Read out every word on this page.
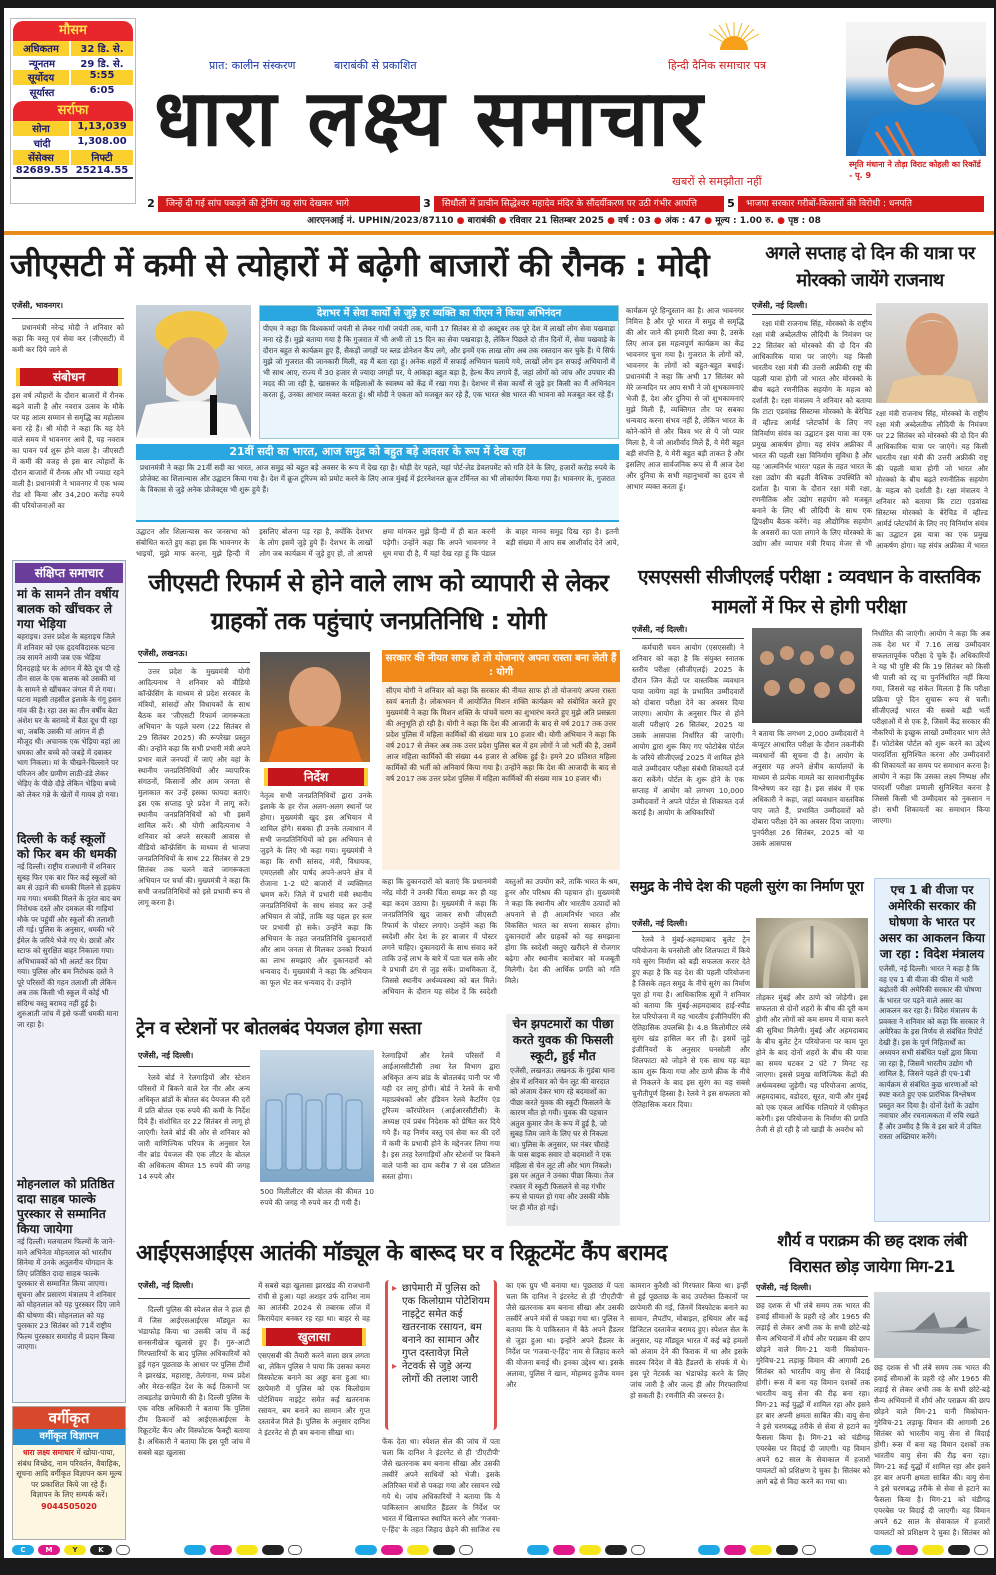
मौसम
अधिकतम	32 डि. से.
न्यूनतम	29 डि. से.
सूर्योदय	5:55
सूर्यास्त	6:05
सर्राफा
सोना	1,13,039
चांदी	1,308.00
सेंसेक्स	निफ्टी
82689.55 25214.55
प्रात: कालीन संस्करण	बाराबंकी से प्रकाशित	हिन्दी दैनिक समाचार पत्र
धारा लक्ष्य समाचार
खबरों से समझौता नहीं
स्मृति मंधाना ने तोड़ा विराट कोहली का रिकॉर्ड - पृ. 9
2	जिन्हें दी गई सांप पकड़ने की ट्रेनिंग वह सांप देखकर भागे	3	सिधौली में प्राचीन सिद्धेश्वर महादेव मंदिर के सौंदर्यीकरण पर उठी गंभीर आपत्ति	5	भाजपा सरकार गरीबों-किसानों की विरोधी : धनपति
आरएनआई नं. UPHIN/2023/87110 ● बाराबंकी ● रविवार 21 सितम्बर 2025 ● वर्ष : 03 ● अंक : 47 ● मूल्य : 1.00 रु. ● पृष्ठ : 08
जीएसटी में कमी से त्योहारों में बढ़ेगी बाजारों की रौनक : मोदी
एजेंसी, भावनगर।
प्रधानमंत्री नरेन्द्र मोदी ने शनिवार को कहा कि वस्तु एवं सेवा कर (जीएसटी) में कमी कर दिये जाने से
संबोधन
इस वर्ष त्यौहारों के दौरान बाजारों में रौनक बढ़ने वाली है और नवरात्र उत्सव के मौके पर यह आत्म सम्मान से समृद्धि का महोत्सव बना रहे हैं। श्री मोदी ने कहा कि यह देने वाले समय में भावनगर आये हैं, यह नवरात्र का पावन पर्व शुरू होने वाला है। जीएसटी में कमी की वजह से इस बार त्योहारों के दौरान बाजारों में रौनक और भी ज्यादा रहने वाली है। प्रधानमंत्री ने भावनगर में एक भव्य रोड शो किया और 34,200 करोड़ रुपये की परियोजनाओं का
देशभर में सेवा कार्यों से जुड़े हर व्यक्ति का पीएम ने किया अभिनंदन
पीएम ने कहा कि विश्वकर्मा जयंती से लेकर गांधी जयंती तक, यानी 17 सितंबर से दो अक्टूबर तक पूरे देश में लाखों लोग सेवा पखवाड़ा मना रहे हैं। मुझे बताया गया है कि गुजरात में भी अभी तो 15 दिन का सेवा पखवाड़ा है, लेकिन पिछले दो तीन दिनों में, सेवा पखवाड़े के दौरान बहुत से कार्यक्रम हुए हैं, सैकड़ों जगहों पर ब्लड डोनेशन कैंप लगे, और इनमें एक लाख लोग अब तक रक्तदान कर चुके हैं। ये सिर्फ मुझे जो गुजरात की जानकारी मिली, वह मैं बता रहा हूं। अनेक शहरों में सफाई अभियान चलाये गये, लाखों लोग इन सफाई अभियानों में भी साथ आए, राज्य में 30 हजार से ज्यादा जगहों पर, ये आंकड़ा बहुत बड़ा है, हेल्थ कैंप लगाये हैं, जहां लोगों को जांच और उपचार की मदद की जा रही है, खासकर के महिलाओं के स्वास्थ्य को केंद्र में रखा गया है। देशभर में सेवा कार्यों से जुड़े हर किसी का मैं अभिनंदन करता हूं, उनका आभार व्यक्त करता हूं। श्री मोदी ने एकता को मजबूत कर रहे हैं, एक भारत श्रेष्ठ भारत की भावना को मजबूत कर रहे हैं।
21वीं सदी का भारत, आज समुद्र को बहुत बड़े अवसर के रूप में देख रहा
प्रधानमंत्री ने कहा कि 21वीं सदी का भारत, आज समुद्र को बहुत बड़े अवसर के रूप में देख रहा है। थोड़ी देर पहले, यहां पोर्ट-लेड डेवलपमेंट को गति देने के लिए, हजारों करोड़ रुपये के प्रोजेक्ट का शिलान्यास और उद्घाटन किया गया है। देश में क्रूज टूरिज्म को प्रमोट करने के लिए आज मुंबई में इंटरनेशनल क्रूज टर्मिनल का भी लोकार्पण किया गया है। भावनगर के, गुजरात के विकास से जुड़े अनेक प्रोजेक्ट्स भी शुरू हुये हैं।
उद्घाटन और शिलान्यास कर जनसभा को संबोधित करते हुए कहा इस कि भावनगर के भाइयों, मुझे माफ करना, मुझे हिन्दी में इसलिए बोलना पड़ रहा है, क्योंकि देशभर के लोग इसमें जुड़े हुये हैं। देशभर के लाखों लोग जब कार्यक्रम में जुड़े हुए हो, तो आपसे क्षमा मांगकर मुझे हिन्दी में ही बात करनी पड़ेगी। उन्होंने कहा कि अपने भावनगर ने धूम मचा दी है, मैं यहां देख रहा हूं कि पंडाल के बाहर मानव समुद्र दिख रहा है। इतनी बड़ी संख्या में आप सब आशीर्वाद देने आये,
कार्यक्रम पूरे हिन्दुस्तान का है। आज भावनगर निमित्त है और पूरे भारत में समुद्र से समृद्धि की ओर जाने की हमारी दिशा क्या है, उसके लिए आज इस महत्वपूर्ण कार्यक्रम का केंद्र भावनगर चुना गया है। गुजरात के लोगों को, भावनगर के लोगों को बहुत-बहुत बधाई। प्रधानमंत्री ने कहा कि अभी 17 सितंबर को मेरे जन्मदिन पर आप सभी ने जो शुभकामनाएं भेजी हैं, देश और दुनिया से जो शुभकामनाएं मुझे मिली हैं, व्यक्तिगत तौर पर सबका धन्यवाद करना संभव नहीं है, लेकिन भारत के कोने-कोने से और विश्व भर से ये जो प्यार मिला है, ये जो आशीर्वाद मिले हैं, ये मेरी बहुत बड़ी संपत्ति है, ये मेरी बहुत बड़ी ताकत है और इसलिए आज सार्वजनिक रूप से मैं आज देश और दुनिया के सभी महानुभावों का हृदय से आभार व्यक्त करता हूं।
अगले सप्ताह दो दिन की यात्रा पर मोरक्को जायेंगे राजनाथ
एजेंसी, नई दिल्ली।
रक्षा मंत्री राजनाथ सिंह, मोरक्को के राष्ट्रीय रक्षा मंत्री अब्देलतीफ लौदियी के निमंत्रण पर 22 सितंबर को मोरक्को की दो दिन की आधिकारिक यात्रा पर जाएंगे। यह किसी भारतीय रक्षा मंत्री की उत्तरी अफ्रीकी राष्ट्र की पहली यात्रा होगी जो भारत और मोरक्को के बीच बढ़ते रणनीतिक सहयोग के महत्व को दर्शाती है। रक्षा मंत्रालय ने शनिवार को बताया कि टाटा एडवांस्ड सिस्टम्स मोरक्को के बेरेचिड में व्हील्ड आर्मर्ड प्लेटफॉर्म के लिए नए विनिर्माण संयंत्र का उद्घाटन इस यात्रा का एक प्रमुख आकर्षण होगा। यह संयंत्र अफ्रीका में भारत की पहली रक्षा विनिर्माण सुविधा है और यह 'आत्मनिर्भर भारत' पहल के तहत भारत के रक्षा उद्योग की बढ़ती वैश्विक उपस्थिति को दर्शाता है। यात्रा के दौरान रक्षा मंत्री रक्षा, रणनीतिक और उद्योग सहयोग को मजबूत बनाने के लिए श्री लौदियी के साथ एक द्विपक्षीय बैठक करेंगे। वह औद्योगिक सहयोग के अवसरों का पता लगाने के लिए मोरक्को के उद्योग और व्यापार मंत्री रियाद मेजर से भी
रक्षा मंत्री राजनाथ सिंह, मोरक्को के राष्ट्रीय रक्षा मंत्री अब्देलतीफ लौदियी के निमंत्रण पर 22 सितंबर को मोरक्को की दो दिन की आधिकारिक यात्रा पर जाएंगे। यह किसी भारतीय रक्षा मंत्री की उत्तरी अफ्रीकी राष्ट्र की पहली यात्रा होगी जो भारत और मोरक्को के बीच बढ़ते रणनीतिक सहयोग के महत्व को दर्शाती है। रक्षा मंत्रालय ने शनिवार को बताया कि टाटा एडवांस्ड सिस्टम्स मोरक्को के बेरेचिड में व्हील्ड आर्मर्ड प्लेटफॉर्म के लिए नए विनिर्माण संयंत्र का उद्घाटन इस यात्रा का एक प्रमुख आकर्षण होगा। यह संयंत्र अफ्रीका में भारत
संक्षिप्त समाचार
मां के सामने तीन वर्षीय बालक को खींचकर ले गया भेड़िया
बहराइच। उत्तर प्रदेश के बहराइच जिले में शनिवार को एक हृदयविदारक घटना तब सामने आयी जब एक भेड़िया दिनदहाड़े घर के आंगन में बैठे दूध पी रहे तीन साल के एक बालक को उसकी मां के सामने से खींचकर जंगल में ले गया। घटना महसी तहसील इलाके के गंगू हसन गांव की है। रहा उस का तीन वर्षीय बेटा अंशेश घर के बरामदे में बैठा दूध पी रहा था, जबकि उसकी मां आंगन में ही मौजूद थी। अचानक एक भेड़िया वहां आ धमका और बच्चे को जबड़े में दबाकर भाग निकला। मां के चीखने-चिल्लाने पर परिजन और ग्रामीण लाठी-डंडे लेकर भेड़िए के पीछे दौड़े लेकिन भेड़िया बच्चे को लेकर गन्ने के खेतों में गायब हो गया।
दिल्ली के कई स्कूलों को फिर बम की धमकी
नई दिल्ली। राष्ट्रीय राजधानी में शनिवार सुबह फिर एक बार फिर कई स्कूलों को बम से उड़ाने की धमकी मिलने से हड़कंप मच गया। धमकी मिलने के तुरंत बाद बम निरोधक दस्ते और दमकल की गाड़ियां मौके पर पहुंचीं और स्कूलों की तलाशी ली गई। पुलिस के अनुसार, धमकी भरे ईमेल के जरिये भेजे गए थे। छात्रों और स्टाफ को सुरक्षित बाहर निकाला गया। अभिभावकों को भी अलर्ट कर दिया गया। पुलिस और बम निरोधक दस्ते ने पूरे परिसरों की गहन तलाशी ली लेकिन अब तक किसी भी स्कूल में कोई भी संदिग्ध वस्तु बरामद नहीं हुई है। शुरुआती जांच में इसे फर्जी धमकी माना जा रहा है।
मोहनलाल को प्रतिष्ठित दादा साहब फाल्के पुरस्कार से सम्मानित किया जायेगा
नई दिल्ली। मलयालम फिल्मों के जाने- माने अभिनेता मोहनलाल को भारतीय सिनेमा में उनके अतुलनीय योगदान के लिए प्रतिष्ठित दादा साहब फाल्के पुरस्कार से सम्मानित किया जाएगा। सूचना और प्रसारण मंत्रालय ने शनिवार को मोहनलाल को यह पुरस्कार दिए जाने की घोषणा की। मोहनलाल को यह पुरस्कार 23 सितंबर को 71वें राष्ट्रीय फिल्म पुरस्कार समारोह में प्रदान किया जाएगा।
वर्गीकृत
वर्गीकृत विज्ञापन
धारा लक्ष्य समाचार में खोया-पाया, संबंध विच्छेद, नाम परिवर्तन, वैवाहिक, सूचना आदि वर्गीकृत विज्ञापन कम मूल्य पर प्रकाशित किये जा रहे हैं।
विज्ञापन के लिए सम्पर्क करें।
9044505020
जीएसटी रिफार्म से होने वाले लाभ को व्यापारी से लेकर ग्राहकों तक पहुंचाएं जनप्रतिनिधि : योगी
एजेंसी, लखनऊ।
उत्तर प्रदेश के मुख्यमंत्री योगी आदित्यनाथ ने शनिवार को वीडियो कॉन्फ्रेंसिंग के माध्यम से प्रदेश सरकार के मंत्रियों, सांसदों और विधायकों के साथ बैठक कर 'जीएसटी रिफार्म जागरूकता अभियान' के पहले चरण (22 सितंबर से 29 सितंबर 2025) की रूपरेखा प्रस्तुत की। उन्होंने कहा कि सभी प्रभारी मंत्री अपने प्रभार वाले जनपदों में जाएं और वहां के स्थानीय जनप्रतिनिधियों और व्यापारिक संगठनों, किसानों और आम जनता से मुलाकात कर उन्हें इसका फायदा बताएं। इस एक सप्ताह पूरे प्रदेश में लागू करें। स्थानीय जनप्रतिनिधियों को भी इसमें शामिल करें। श्री योगी आदित्यनाथ ने शनिवार को अपने सरकारी आवास से वीडियो कॉन्फ्रेंसिंग के माध्यम से भाजपा जनप्रतिनिधियों के साथ 22 सितंबर से 29 सितंबर तक चलने वाले जागरूकता अभियान पर चर्चा की। मुख्यमंत्री ने कहा कि सभी जनप्रतिनिधियों को इसे प्रभावी रूप से लागू करना है।
निर्देश
नेतृत्व सभी जनप्रतिनिधियों द्वारा उनके इलाके के हर रोज अलग-अलग स्थानों पर होगा। मुख्यमंत्री खुद इस अभियान में शामिल होंगे। सबका ही उनके तत्वाधान में सभी जनप्रतिनिधियों को इस अभियान से जुड़ने के लिए भी कहा गया। मुख्यमंत्री ने कहा कि सभी सांसद, मंत्री, विधायक, एमएलसी और पार्षद अपने-अपने क्षेत्र में रोजाना 1-2 घंटे बाजारों में व्यक्तिगत भ्रमण करें। जिले में प्रभारी मंत्री स्थानीय जनप्रतिनिधियों के साथ संवाद कर उन्हें अभियान से जोड़ें, ताकि यह पहल हर स्तर पर प्रभावी हो सके। उन्होंने कहा कि अभियान के तहत जनप्रतिनिधि दुकानदारों और आम जनता से मिलकर उनको रिफार्म का लाभ समझाएं और दुकानदारों को धन्यवाद दें। मुख्यमंत्री ने कहा कि अभियान का फूल भेंट कर धन्यवाद दें। उन्होंने
सरकार की नीयत साफ हो तो योजनाएं अपना रास्ता बना लेती हैं : योगी
सीएम योगी ने शनिवार को कहा कि सरकार की नीयत साफ हो तो योजनाएं अपना रास्ता स्वयं बनाती है। लोकभवन में आयोजित मिशन शक्ति कार्यक्रम को संबोधित करते हुए मुख्यमंत्री ने कहा कि मिशन शक्ति के पांचवें चरण का शुभारंभ करते हुए मुझे अति प्रसन्नता की अनुभूति हो रही है। योगी ने कहा कि देश की आजादी के बाद से वर्ष 2017 तक उत्तर प्रदेश पुलिस में महिला कार्मिकों की संख्या मात्र 10 हजार थी। योगी अभियान ने कहा कि वर्ष 2017 से लेकर अब तक उत्तर प्रदेश पुलिस बल में हम लोगों ने जो भर्ती की है, उसमें आज महिला कार्मिकों की संख्या 44 हजार से अधिक हुई है। हमने 20 प्रतिशत महिला कार्मिकों की भर्ती को अनिवार्य किया गया है। उन्होंने कहा कि देश की आजादी के बाद से वर्ष 2017 तक उत्तर प्रदेश पुलिस में महिला कार्मिकों की संख्या मात्र 10 हजार थी।
कहा कि दुकानदारों को बताएं कि प्रधानमंत्री नरेंद्र मोदी ने उनकी चिंता समझ कर ही यह बड़ा कदम उठाया है। मुख्यमंत्री ने कहा कि जनप्रतिनिधि खुद जाकर सभी जीएसटी रिफार्म के पोस्टर लगाएं। उन्होंने कहा कि स्वदेशी और देश के हर बाजार में पोस्टर लगने चाहिए। दुकानदारों के साथ संवाद करें ताकि उन्हें लाभ के बारे में पता चल सके और वे प्रभावी ढंग से जुड़ सकें। प्राथमिकता दें, जिससे स्थानीय अर्थव्यवस्था को बल मिले। अभियान के दौरान यह संदेश दें कि स्वदेशी वस्तुओं का उपयोग करें, ताकि भारत के श्रम, हुनर और परिश्रम की पहचान हो। मुख्यमंत्री ने कहा कि स्थानीय और भारतीय उत्पादों को अपनाने से ही आत्मनिर्भर भारत और विकसित भारत का सपना साकार होगा। दुकानदारों और ग्राहकों को यह समझाना होगा कि स्वदेशी वस्तुएं खरीदने से रोजगार बढ़ेगा और स्थानीय कारोबार को मजबूती मिलेगी। देश की आर्थिक प्रगति को गति मिले।
एसएससी सीजीएलई परीक्षा : व्यवधान के वास्तविक मामलों में फिर से होगी परीक्षा
एजेंसी, नई दिल्ली।
कर्मचारी चयन आयोग (एसएससी) ने शनिवार को कहा है कि संयुक्त स्नातक स्तरीय परीक्षा (सीजीएलई) 2025 के दौरान जिन केंद्रों पर वास्तविक व्यवधान पाया जायेगा वहां के प्रभावित उम्मीदवारों को दोबारा परीक्षा देने का अवसर दिया जाएगा। आयोग के अनुसार फिर से होने वाली परीक्षाएं 26 सितंबर, 2025 या उसके आसपास निर्धारित की जाएंगी। आयोग द्वारा शुरू किए गए फोटोबेस पोर्टल के जरिये सीजीएलई 2025 में शामिल होने वाले उम्मीदवार परीक्षा संबंधी शिकायतें दर्ज करा सकेंगे। पोर्टल के शुरू होने के एक सप्ताह में आयोग को लगभग 10,000 उम्मीदवारों ने अपने पोर्टल से शिकायत दर्ज कराई है। आयोग के अधिकारियों
ने बताया कि लगभग 2,000 उम्मीदवारों ने कंप्यूटर आधारित परीक्षा के दौरान तकनीकी व्यवधानों की सूचना दी है। आयोग के अनुसार यह अपने क्षेत्रीय कार्यालयों के माध्यम से प्रत्येक मामले का सावधानीपूर्वक विश्लेषण कर रहा है। इस संबंध में एक अधिकारी ने कहा, जहां व्यवधान वास्तविक पाए जाते हैं, प्रभावित उम्मीदवारों को दोबारा परीक्षा देने का अवसर दिया जाएगा। पुनर्परीक्षा 26 सितंबर, 2025 को या उसके आसपास
निर्धारित की जाएंगी। आयोग ने कहा कि अब तक देश भर में 7.16 लाख उम्मीदवार सफलतापूर्वक परीक्षा दे चुके हैं। अधिकारियों ने यह भी पुष्टि की कि 19 सितंबर को किसी भी पाली को रद्द या पुनर्निर्धारित नहीं किया गया, जिससे यह संकेत मिलता है कि परीक्षा प्रक्रिया पूरे दिन सुचारू रूप से चली। सीजीएलई भारत की सबसे बड़ी भर्ती परीक्षाओं में से एक है, जिसमें केंद्र सरकार की नौकरियों के इच्छुक लाखों उम्मीदवार भाग लेते हैं। फोटोबेस पोर्टल को शुरू करने का उद्देश्य पारदर्शिता सुनिश्चित करना और उम्मीदवारों की शिकायतों का समय पर समाधान करना है। आयोग ने कहा कि उसका लक्ष्य निष्पक्ष और पारदर्शी परीक्षा प्रणाली सुनिश्चित करना है जिससे किसी भी उम्मीदवार को नुकसान न हो। सभी शिकायतों का समाधान किया जाएगा।
समुद्र के नीचे देश की पहली सुरंग का निर्माण पूरा
एजेंसी, नई दिल्ली।
रेलवे ने मुंबई-अहमदाबाद बुलेट ट्रेन परियोजना के घनसोली और शिलफाटा में किये गये सुरंग निर्माण को बड़ी सफलता करार देते हुए कहा है कि यह देश की पहली परियोजना है जिसके तहत समुद्र के नीचे सुरंग का निर्माण पूरा हो गया है। आधिकारिक सूत्रों ने शनिवार को बताया कि मुंबई-अहमदाबाद हाई-स्पीड रेल परियोजना में यह भारतीय इंजीनियरिंग की ऐतिहासिक उपलब्धि है। 4.8 किलोमीटर लंबे सुरंग खंड हासिल कर ली है। इसमें जुड़े इंजीनियरों के अनुसार घनसोली और शिलफाटा को जोड़ने से एक साथ यह बड़ा काम शुरू किया गया और ठाणे क्रीक के नीचे से निकलने के बाद इस सुरंग का यह सबसे चुनौतीपूर्ण हिस्सा है। रेलवे ने इस सफलता को ऐतिहासिक करार दिया।
तोड़कर मुंबई और ठाणे को जोड़ेगी। इस सफलता से दोनों शहरों के बीच की दूरी कम होगी और लोगों को कम समय में यात्रा करने की सुविधा मिलेगी। मुंबई और अहमदाबाद के बीच बुलेट ट्रेन परियोजना पर काम पूरा होने के बाद दोनों शहरों के बीच की यात्रा का समय घटकर 2 घंटे 7 मिनट रह जाएगा। इससे प्रमुख वाणिज्यिक केंद्रों की अर्थव्यवस्था जुड़ेगी। यह परियोजना आणंद, अहमदाबाद, वडोदरा, सूरत, वापी और मुंबई को एक एकल आर्थिक गलियारे में एकीकृत करेगी। इस परियोजना के निर्माण की प्रगति तेजी से हो रही है जो खाड़ी के अवरोध को
एच 1 बी वीजा पर अमेरिकी सरकार की घोषणा के भारत पर असर का आकलन किया जा रहा : विदेश मंत्रालय
एजेंसी, नई दिल्ली। भारत ने कहा है कि वह एच 1 बी वीजा की फीस में भारी बढ़ोतरी की अमेरिकी सरकार की घोषणा के भारत पर पड़ने वाले असर का आकलन कर रहा है। विदेश मंत्रालय के प्रवक्ता ने शनिवार को कहा कि सरकार ने अमेरिका के इस निर्णय से संबंधित रिपोर्ट देखी हैं। इस के पूर्ण निहितार्थों का अध्ययन सभी संबंधित पक्षों द्वारा किया जा रहा है, जिसमें भारतीय उद्योग भी शामिल है, जिसने पहले ही एच-1बी कार्यक्रम से संबंधित कुछ धारणाओं को स्पष्ट करते हुए एक प्रारंभिक विश्लेषण प्रस्तुत कर दिया है। दोनों देशों के उद्योग नवाचार और रचनात्मकता में रुचि रखते हैं और उम्मीद है कि वे इस बारे में उचित रास्ता अख्तियार करेंगे।
ट्रेन व स्टेशनों पर बोतलबंद पेयजल होगा सस्ता
एजेंसी, नई दिल्ली।
रेलवे बोर्ड ने रेलगाड़ियों और स्टेशन परिसरों में बिकने वाले रेल नीर और अन्य अधिकृत ब्रांडों के बोतल बंद पेयजल की दरों में प्रति बोतल एक रुपये की कमी के निर्देश दिये हैं। संशोधित दर 22 सितंबर से लागू हो जाएंगी। रेलवे बोर्ड की ओर से शनिवार को जारी वाणिज्यिक परिपत्र के अनुसार रेल नीर ब्रांड पेयजल की एक लीटर के बोतल की अधिकतम कीमत 15 रुपये की जगह 14 रुपये और
500 मिलीलीटर की बोतल की कीमत 10 रुपये की जगह नौ रुपये कर दी गयी है।
रेलगाड़ियों और रेलवे परिसरों में आईआरसीटीसी तथा रेल विभाग द्वारा अधिकृत अन्य ब्रांड के बोतलबंद पानी पर भी यही दर लागू होगी। बोर्ड ने रेलवे के सभी महाप्रबंधकों और इंडियन रेलवे कैटरिंग एंड टूरिज्म कॉरपोरेशन (आईआरसीटीसी) के अध्यक्ष एवं प्रबंध निदेशक को प्रेषित कर दिये गये हैं। यह निर्णय वस्तु एवं सेवा कर की दरों में कमी के प्रभावी होने के मद्देनजर लिया गया है। इस तरह रेलगाड़ियों और स्टेशनों पर बिकने वाले पानी का दाम करीब 7 से दस प्रतिशत सस्ता होगा।
चेन झपटमारों का पीछा करते युवक की फिसली स्कूटी, हुई मौत
एजेंसी, लखनऊ। लखनऊ के गुडंबा थाना क्षेत्र में शनिवार को चेन लूट की वारदात को अंजाम देकर भाग रहे बदमाशों का पीछा करते युवक की स्कूटी फिसलने के कारण मौत हो गयी। युवक की पहचान अतुल कुमार जैन के रूप में हुई है, जो सुबह जिम जाने के लिए घर से निकला था। पुलिस के अनुसार, घर नंबर चौराहे के पास बाइक सवार दो बदमाशों ने एक महिला से चेन लूट ली और भाग निकले। इस पर अतुल ने उनका पीछा किया। तेज रफ्तार में स्कूटी फिसलने से वह गंभीर रूप से घायल हो गया और उसकी मौके पर ही मौत हो गई।
आईएसआईएस आतंकी मॉड्यूल के बारूद घर व रिक्रूटमेंट कैंप बरामद
एजेंसी, नई दिल्ली।
दिल्ली पुलिस की स्पेशल सेल ने हाल ही में जिस आईएसआईएस मॉड्यूल का भंडाफोड़ किया था उसकी जांच में कई सनसनीखेज खुलासे हुए हैं। गुरु-आटी गिरफ्तारियों के बाद पुलिस अधिकारियों को हुई गहन पूछताछ के आधार पर पुलिस टीमों ने झारखंड, महाराष्ट्र, तेलंगाना, मध्य प्रदेश और मेरठ-सहित देश के कई ठिकानों पर ताबड़तोड़ छापेमारी की है। दिल्ली पुलिस के एक वरिष्ठ अधिकारी ने बताया कि पुलिस टीम ठिकानों को आईएसआईएस के रिक्रूटमेंट कैंप और विस्फोटक फैक्ट्री बताया है। अधिकारी ने बताया कि इस पूरी जांच में सबसे बड़ा खुलासा
में सबसे बड़ा खुलासा झारखंड की राजधानी रांची से हुआ। यहां अशहर उर्फ दानिश नाम का आतंकी 2024 से तबारक लॉज में किरायेदार बनकर रह रहा था। बाहर से वह
खुलासा
एसएसबी की तैयारी करने वाला छात्र लगता था, लेकिन पुलिस ने पाया कि उसका कमरा विस्फोटक बनाने का अड्डा बना हुआ था। छापेमारी में पुलिस को एक किलोग्राम पोटेशियम नाइट्रेट समेत कई खतरनाक रसायन, बम बनाने का सामान और गुप्त दस्तावेज मिले हैं। पुलिस के अनुसार दानिश ने इंटरनेट से ही बम बनाना सीखा था।
▸ छापेमारी में पुलिस को एक किलोग्राम पोटेशियम नाइट्रेट समेत कई खतरनाक रसायन, बम बनाने का सामान और गुप्त दस्तावेज़ मिले
▸ नेटवर्क से जुड़े अन्य लोगों की तलाश जारी
फेंक देता था। स्पेशल सेल की जांच में पता चला कि दानिश ने इंटरनेट से ही 'टीएटीपी' जैसे खतरनाक बम बनाना सीखा और उसकी तस्वीरें अपने साथियों को भेजी। इसके अतिरिक्त मंत्रों से पकड़ा गया और रसायन रखे गये थे। जांच अधिकारियों ने बताया कि ये पाकिस्तान आधारित हैंडलर के निर्देश पर भारत में खिलाफत स्थापित करने और 'गजवा-ए-हिंद' के तहत जिहाद छेड़ने की साजिश रच
का एक ग्रुप भी बनाया था। पूछताछ में पता चला कि दानिश ने इंटरनेट से ही 'टीएटीपी' जैसे खतरनाक बम बनाना सीखा और उसकी तस्वीरें अपने मंत्रों से पकड़ा गया था। पुलिस ने बताया कि ये पाकिस्तान में बैठे अपने हैंडलर से जुड़ा हुआ था। इन्होंने अपने हैंडलर के निर्देश पर 'गजवा-ए-हिंद' नाम से जिहाद करने की योजना बनाई थी। इनका उद्देश्य था। इसके अलावा, पुलिस ने खान, मोहम्मद हुजैफ यमन और
कामरान कुरैशी को गिरफ्तार किया था। इन्हीं से हुई पूछताछ के बाद उपरोक्त ठिकानों पर छापेमारी की गई, जिनमें विस्फोटक बनाने का सामान, लैपटॉप, मोबाइल, हथियार और कई डिजिटल दस्तावेज बरामद हुए। स्पेशल सेल के अनुसार, यह मॉड्यूल भारत में कई बड़े हमलों को अंजाम देने की फिराक में था और इसके सदस्य विदेश में बैठे हैंडलरों के संपर्क में थे। इस पूरे नेटवर्क का भंडाफोड़ करने के लिए जांच जारी है और जल्द ही और गिरफ्तारियां हो सकती हैं। रणनीति की जरूरत है।
शौर्य व पराक्रम की छह दशक लंबी विरासत छोड़ जायेगा मिग-21
एजेंसी, नई दिल्ली।
छह दशक से भी लंबे समय तक भारत की हवाई सीमाओं के प्रहरी रहे और 1965 की लड़ाई से लेकर अभी तक के सभी छोटे-बड़े सैन्य अभियानों में शौर्य और पराक्रम की छाप छोड़ने वाले मिग-21 यानी मिकोयान-गुरेविच-21 लड़ाकू विमान की आगामी 26 सितंबर को भारतीय वायु सेना से विदाई होगी। रूस में बना यह विमान दशकों तक भारतीय वायु सेना की रीढ़ बना रहा। मिग-21 कई युद्धों में शामिल रहा और इसने हर बार अपनी क्षमता साबित की। वायु सेना ने इसे चरणबद्ध तरीके से सेवा से हटाने का फैसला किया है। मिग-21 को चंडीगढ़ एयरबेस पर विदाई दी जाएगी। यह विमान अपने 62 साल के सेवाकाल में हजारों पायलटों को प्रशिक्षण दे चुका है। सितंबर को आगे बढ़े से विदा करने का गया था।
छह दशक से भी लंबे समय तक भारत की हवाई सीमाओं के प्रहरी रहे और 1965 की लड़ाई से लेकर अभी तक के सभी छोटे-बड़े सैन्य अभियानों में शौर्य और पराक्रम की छाप छोड़ने वाले मिग-21 यानी मिकोयान-गुरेविच-21 लड़ाकू विमान की आगामी 26 सितंबर को भारतीय वायु सेना से विदाई होगी। रूस में बना यह विमान दशकों तक भारतीय वायु सेना की रीढ़ बना रहा। मिग-21 कई युद्धों में शामिल रहा और इसने हर बार अपनी क्षमता साबित की। वायु सेना ने इसे चरणबद्ध तरीके से सेवा से हटाने का फैसला किया है। मिग-21 को चंडीगढ़ एयरबेस पर विदाई दी जाएगी। यह विमान अपने 62 साल के सेवाकाल में हजारों पायलटों को प्रशिक्षण दे चुका है। सितंबर को
C	M	Y	K
